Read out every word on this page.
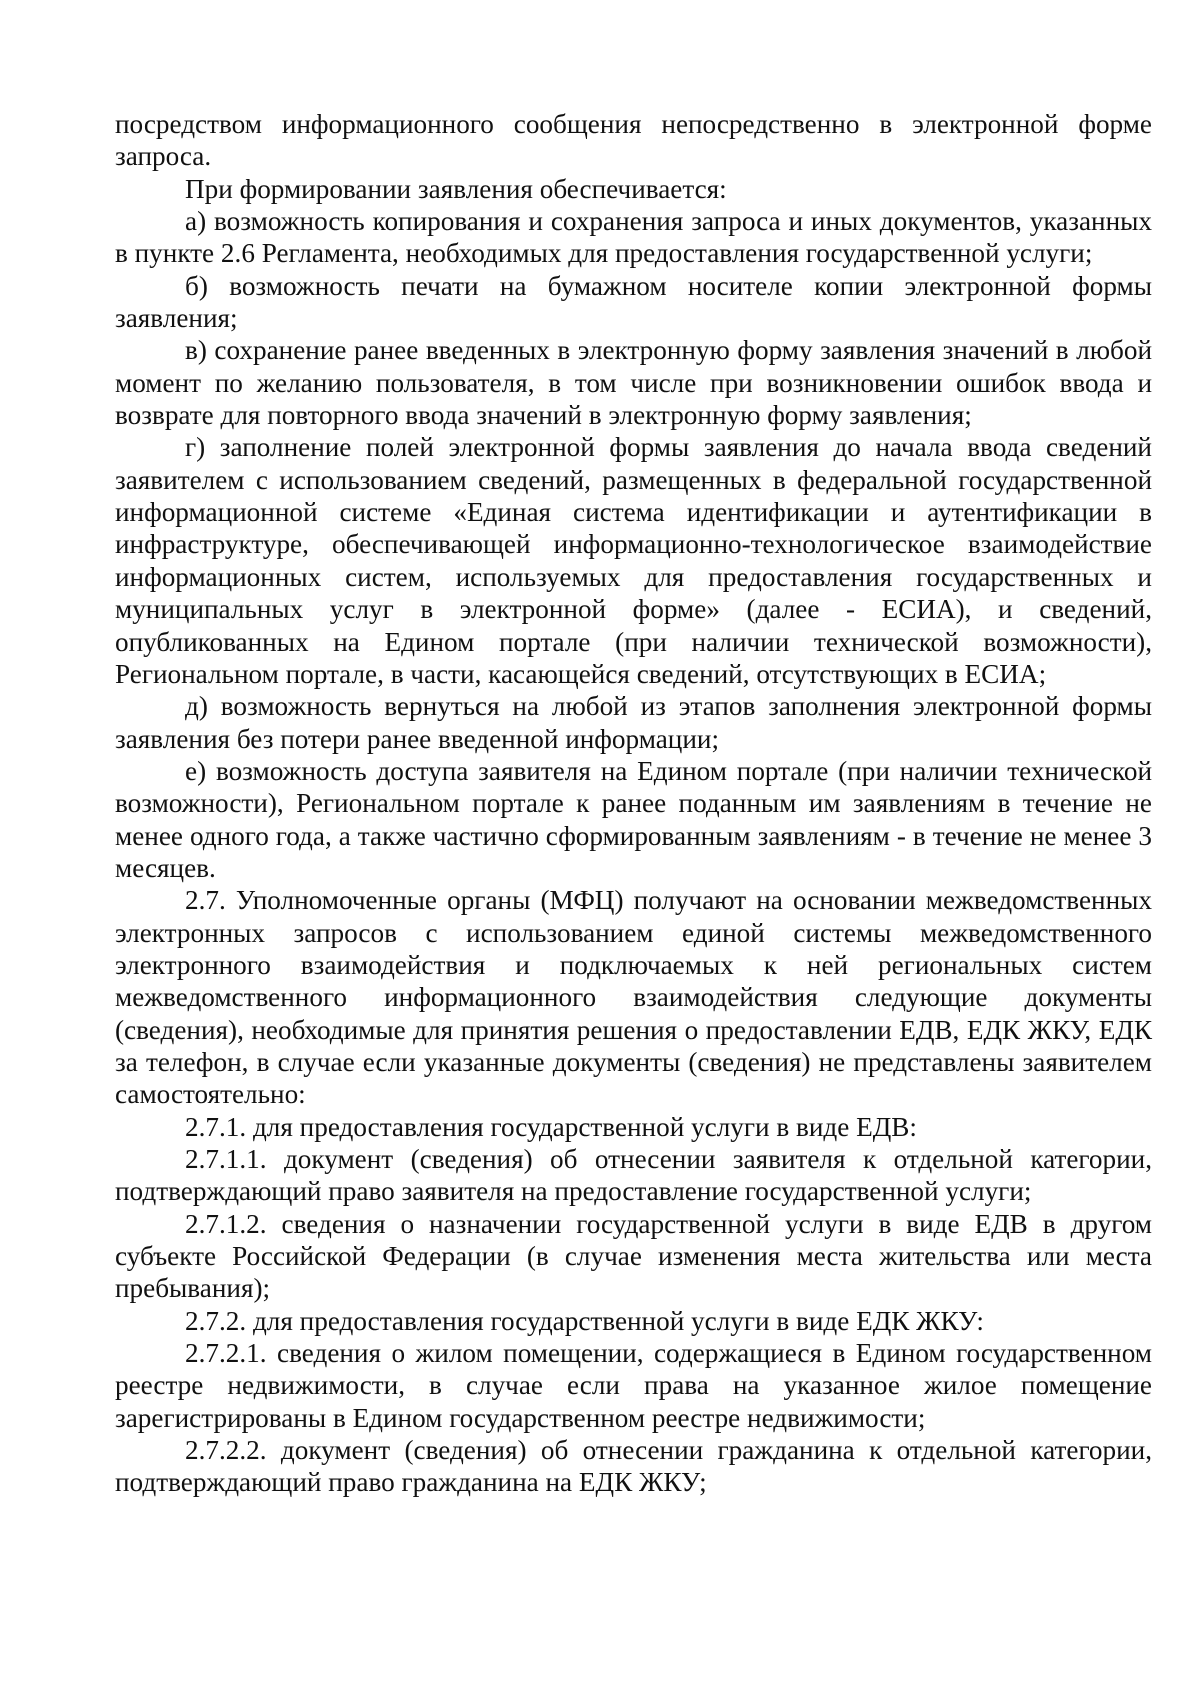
посредством информационного сообщения непосредственно в электронной форме запроса.

При формировании заявления обеспечивается:

а) возможность копирования и сохранения запроса и иных документов, указанных в пункте 2.6 Регламента, необходимых для предоставления государственной услуги;

б) возможность печати на бумажном носителе копии электронной формы заявления;

в) сохранение ранее введенных в электронную форму заявления значений в любой момент по желанию пользователя, в том числе при возникновении ошибок ввода и возврате для повторного ввода значений в электронную форму заявления;

г) заполнение полей электронной формы заявления до начала ввода сведений заявителем с использованием сведений, размещенных в федеральной государственной информационной системе «Единая система идентификации и аутентификации в инфраструктуре, обеспечивающей информационно-технологическое взаимодействие информационных систем, используемых для предоставления государственных и муниципальных услуг в электронной форме» (далее - ЕСИА), и сведений, опубликованных на Едином портале (при наличии технической возможности), Региональном портале, в части, касающейся сведений, отсутствующих в ЕСИА;

д) возможность вернуться на любой из этапов заполнения электронной формы заявления без потери ранее введенной информации;

е) возможность доступа заявителя на Едином портале (при наличии технической возможности), Региональном портале к ранее поданным им заявлениям в течение не менее одного года, а также частично сформированным заявлениям - в течение не менее 3 месяцев.

2.7. Уполномоченные органы (МФЦ) получают на основании межведомственных электронных запросов с использованием единой системы межведомственного электронного взаимодействия и подключаемых к ней региональных систем межведомственного информационного взаимодействия следующие документы (сведения), необходимые для принятия решения о предоставлении ЕДВ, ЕДК ЖКУ, ЕДК за телефон, в случае если указанные документы (сведения) не представлены заявителем самостоятельно:

2.7.1. для предоставления государственной услуги в виде ЕДВ:

2.7.1.1. документ (сведения) об отнесении заявителя к отдельной категории, подтверждающий право заявителя на предоставление государственной услуги;

2.7.1.2. сведения о назначении государственной услуги в виде ЕДВ в другом субъекте Российской Федерации (в случае изменения места жительства или места пребывания);

2.7.2. для предоставления государственной услуги в виде ЕДК ЖКУ:

2.7.2.1. сведения о жилом помещении, содержащиеся в Едином государственном реестре недвижимости, в случае если права на указанное жилое помещение зарегистрированы в Едином государственном реестре недвижимости;

2.7.2.2. документ (сведения) об отнесении гражданина к отдельной категории, подтверждающий право гражданина на ЕДК ЖКУ;
